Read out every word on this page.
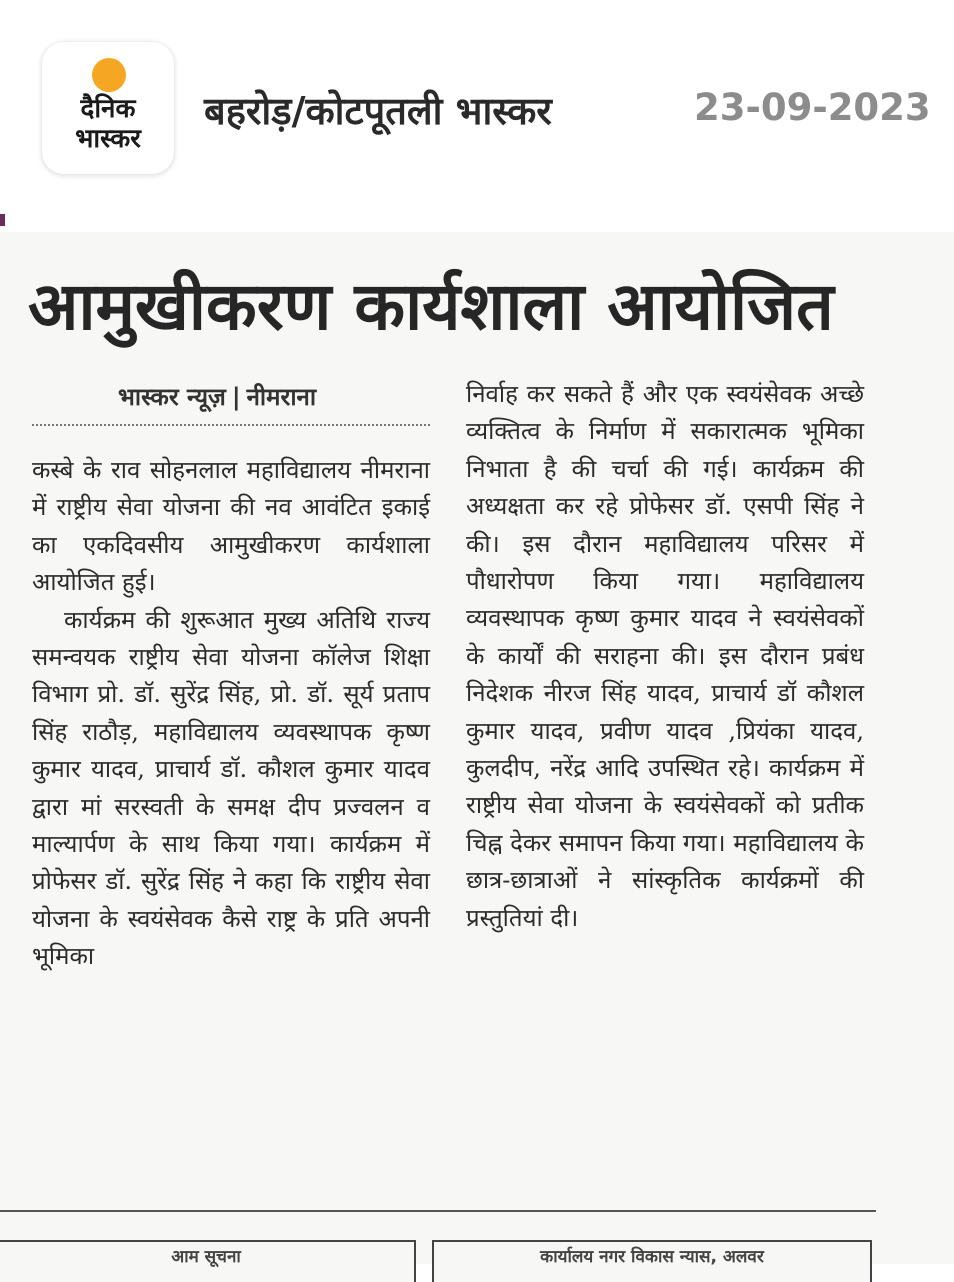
दैनिक
भास्कर
बहरोड़/कोटपूतली भास्कर	23-09-2023
आमुखीकरण कार्यशाला आयोजित
भास्कर न्यूज़ | नीमराना

कस्बे के राव सोहनलाल महाविद्यालय नीमराना में राष्ट्रीय सेवा योजना की नव आवंटित इकाई का एकदिवसीय आमुखीकरण कार्यशाला आयोजित हुई।

कार्यक्रम की शुरूआत मुख्य अतिथि राज्य समन्वयक राष्ट्रीय सेवा योजना कॉलेज शिक्षा विभाग प्रो. डॉ. सुरेंद्र सिंह, प्रो. डॉ. सूर्य प्रताप सिंह राठौड़, महाविद्यालय व्यवस्थापक कृष्ण कुमार यादव, प्राचार्य डॉ. कौशल कुमार यादव द्वारा मां सरस्वती के समक्ष दीप प्रज्वलन व माल्यार्पण के साथ किया गया। कार्यक्रम में प्रोफेसर डॉ. सुरेंद्र सिंह ने कहा कि राष्ट्रीय सेवा योजना के स्वयंसेवक कैसे राष्ट्र के प्रति अपनी भूमिका

निर्वाह कर सकते हैं और एक स्वयंसेवक अच्छे व्यक्तित्व के निर्माण में सकारात्मक भूमिका निभाता है की चर्चा की गई। कार्यक्रम की अध्यक्षता कर रहे प्रोफेसर डॉ. एसपी सिंह ने की। इस दौरान महाविद्यालय परिसर में पौधारोपण किया गया। महाविद्यालय व्यवस्थापक कृष्ण कुमार यादव ने स्वयंसेवकों के कार्यों की सराहना की। इस दौरान प्रबंध निदेशक नीरज सिंह यादव, प्राचार्य डॉ कौशल कुमार यादव, प्रवीण यादव ,प्रियंका यादव, कुलदीप, नरेंद्र आदि उपस्थित रहे। कार्यक्रम में राष्ट्रीय सेवा योजना के स्वयंसेवकों को प्रतीक चिह्न देकर समापन किया गया। महाविद्यालय के छात्र-छात्राओं ने सांस्कृतिक कार्यक्रमों की प्रस्तुतियां दी।

आम सूचना	कार्यालय नगर विकास न्यास, अलवर
